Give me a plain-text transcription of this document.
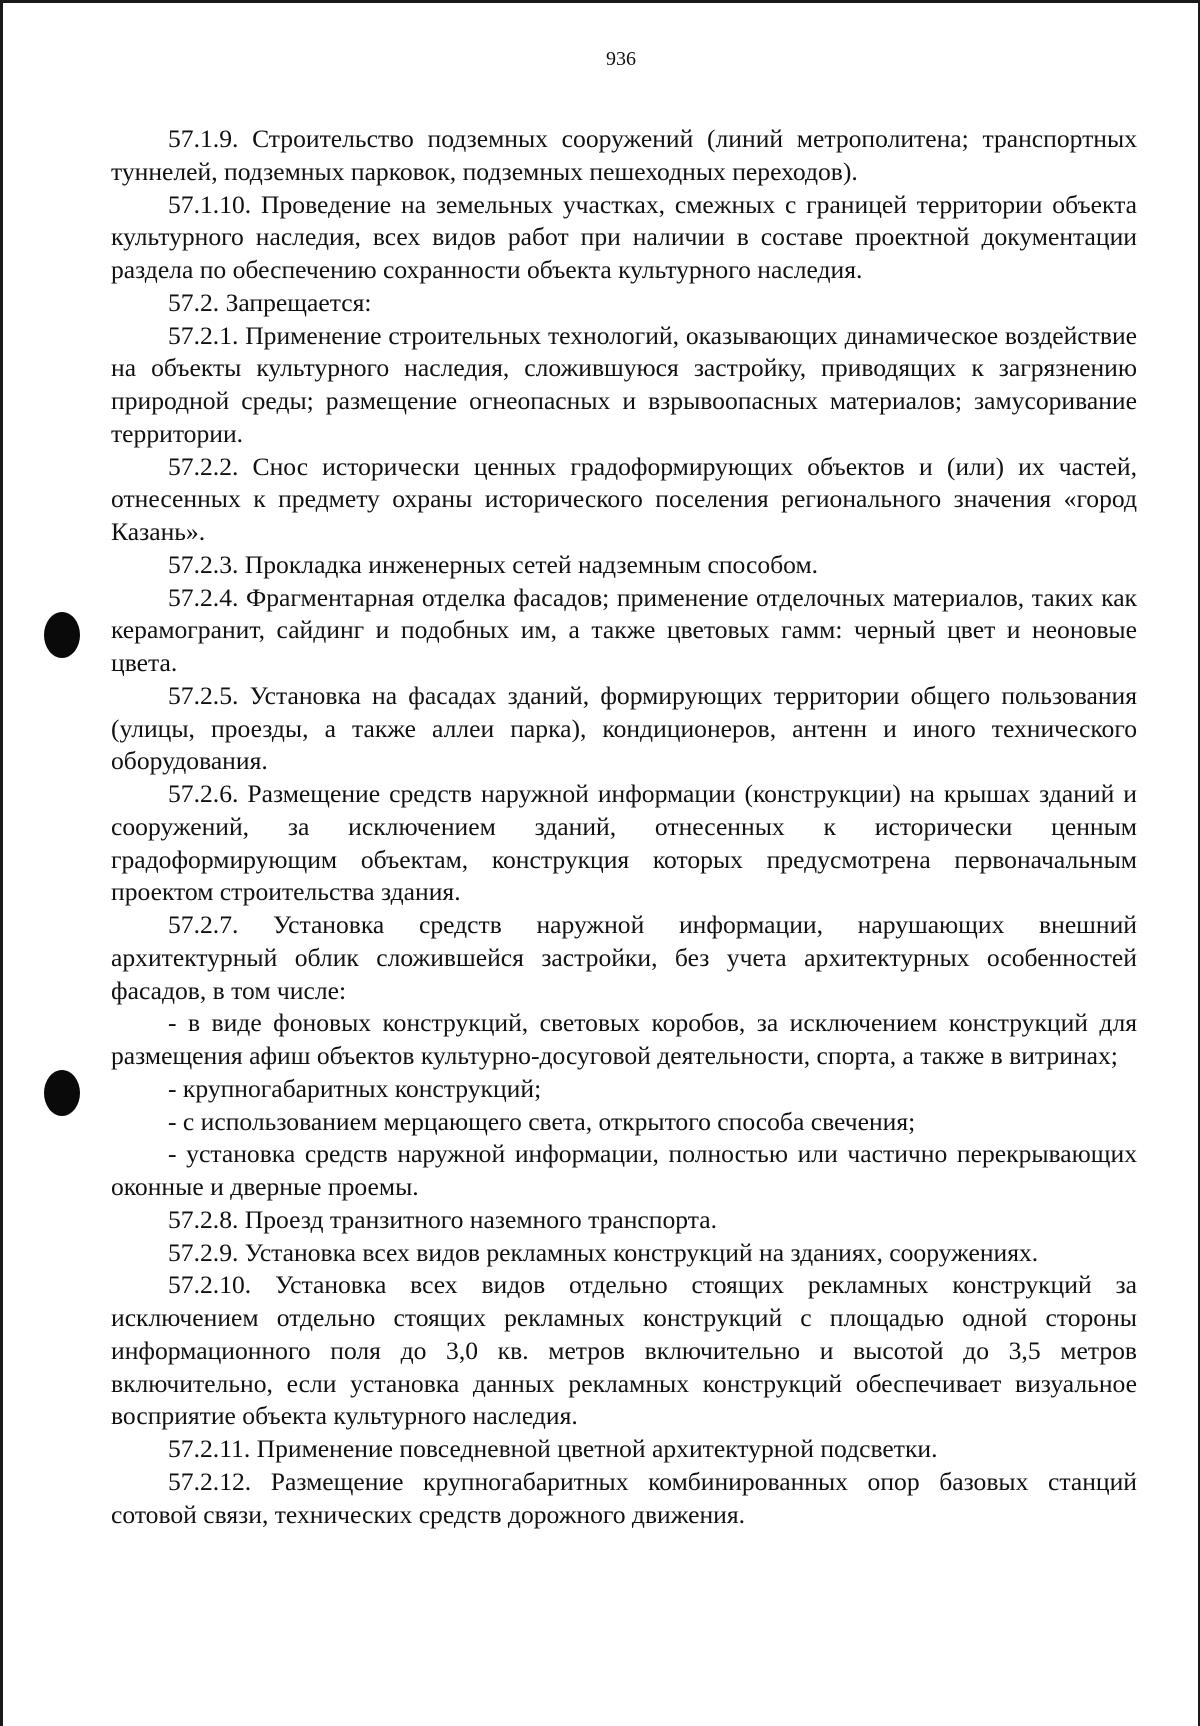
936

57.1.9. Строительство подземных сооружений (линий метрополитена; транспортных туннелей, подземных парковок, подземных пешеходных переходов).

57.1.10. Проведение на земельных участках, смежных с границей территории объекта культурного наследия, всех видов работ при наличии в составе проектной документации раздела по обеспечению сохранности объекта культурного наследия.

57.2. Запрещается:

57.2.1. Применение строительных технологий, оказывающих динамическое воздействие на объекты культурного наследия, сложившуюся застройку, приводящих к загрязнению природной среды; размещение огнеопасных и взрывоопасных материалов; замусоривание территории.

57.2.2. Снос исторически ценных градоформирующих объектов и (или) их частей, отнесенных к предмету охраны исторического поселения регионального значения «город Казань».

57.2.3. Прокладка инженерных сетей надземным способом.

57.2.4. Фрагментарная отделка фасадов; применение отделочных материалов, таких как керамогранит, сайдинг и подобных им, а также цветовых гамм: черный цвет и неоновые цвета.

57.2.5. Установка на фасадах зданий, формирующих территории общего пользования (улицы, проезды, а также аллеи парка), кондиционеров, антенн и иного технического оборудования.

57.2.6. Размещение средств наружной информации (конструкции) на крышах зданий и сооружений, за исключением зданий, отнесенных к исторически ценным градоформирующим объектам, конструкция которых предусмотрена первоначальным проектом строительства здания.

57.2.7. Установка средств наружной информации, нарушающих внешний архитектурный облик сложившейся застройки, без учета архитектурных особенностей фасадов, в том числе:

- в виде фоновых конструкций, световых коробов, за исключением конструкций для размещения афиш объектов культурно-досуговой деятельности, спорта, а также в витринах;

- крупногабаритных конструкций;

- с использованием мерцающего света, открытого способа свечения;

- установка средств наружной информации, полностью или частично перекрывающих оконные и дверные проемы.

57.2.8. Проезд транзитного наземного транспорта.

57.2.9. Установка всех видов рекламных конструкций на зданиях, сооружениях.

57.2.10. Установка всех видов отдельно стоящих рекламных конструкций за исключением отдельно стоящих рекламных конструкций с площадью одной стороны информационного поля до 3,0 кв. метров включительно и высотой до 3,5 метров включительно, если установка данных рекламных конструкций обеспечивает визуальное восприятие объекта культурного наследия.

57.2.11. Применение повседневной цветной архитектурной подсветки.

57.2.12. Размещение крупногабаритных комбинированных опор базовых станций сотовой связи, технических средств дорожного движения.
